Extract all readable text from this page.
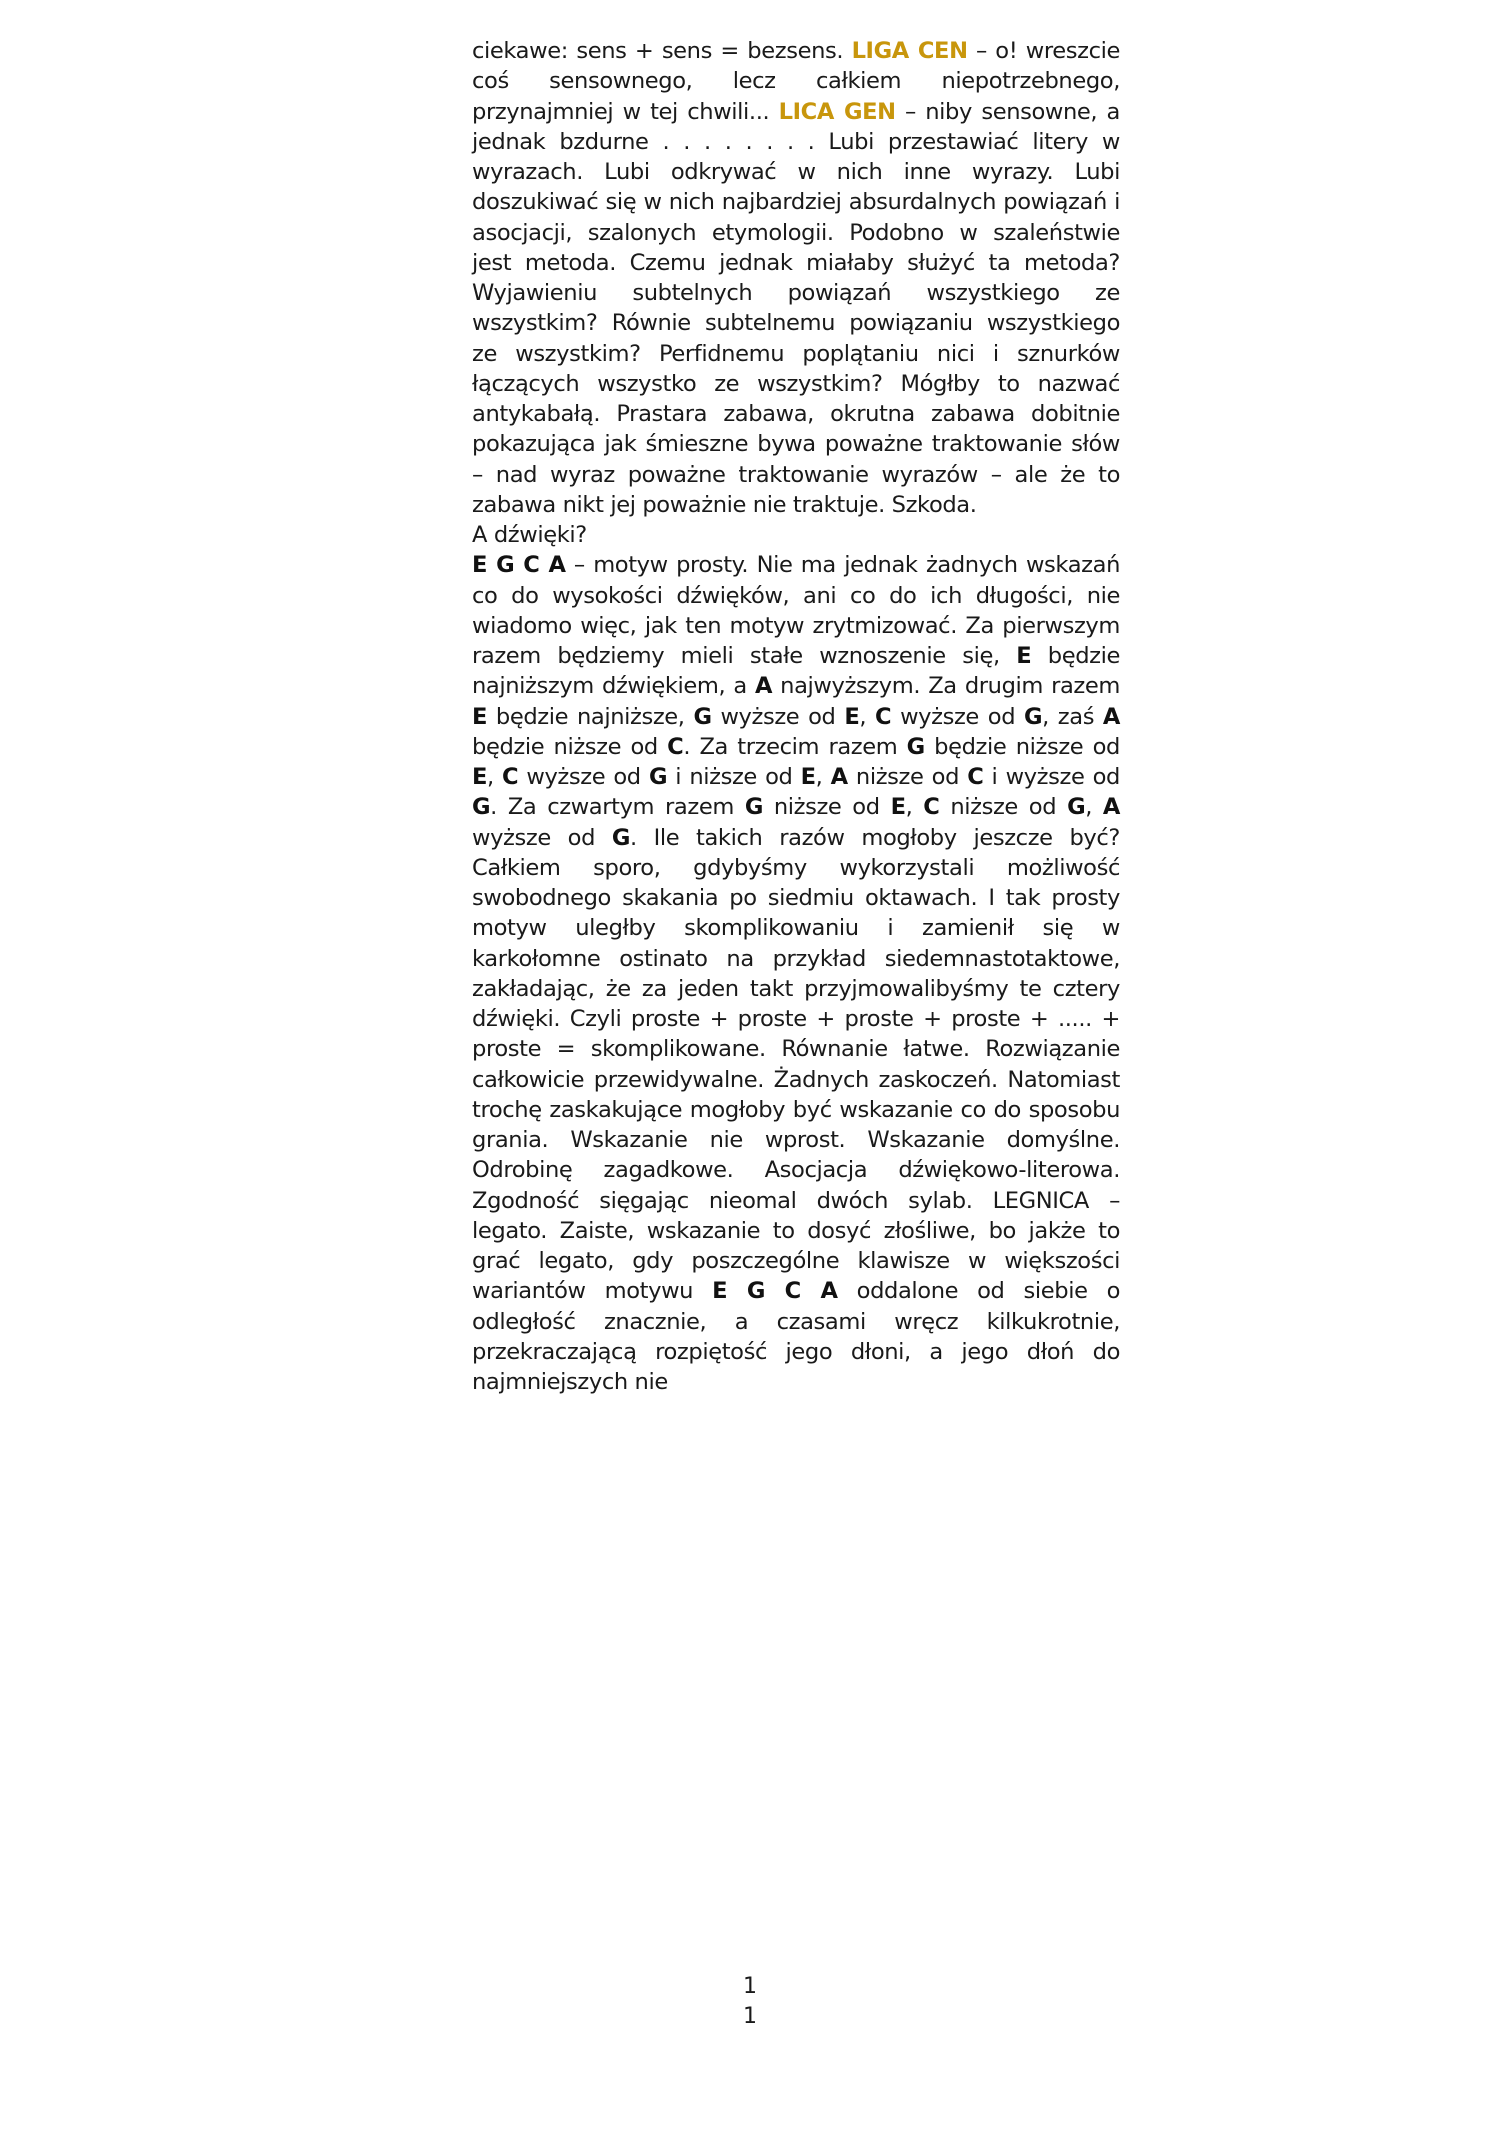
ciekawe: sens + sens = bezsens. LIGA CEN – o! wreszcie coś sensownego, lecz całkiem niepotrzebnego, przynajmniej w tej chwili... LICA GEN – niby sensowne, a jednak bzdurne . . . . . . . . Lubi przestawiać litery w wyrazach. Lubi odkrywać w nich inne wyrazy. Lubi doszukiwać się w nich najbardziej absurdalnych powiązań i asocjacji, szalonych etymologii. Podobno w szaleństwie jest metoda. Czemu jednak miałaby służyć ta metoda? Wyjawieniu subtelnych powiązań wszystkiego ze wszystkim? Równie subtelnemu powiązaniu wszystkiego ze wszystkim? Perfidnemu poplątaniu nici i sznurków łączących wszystko ze wszystkim? Mógłby to nazwać antykabałą. Prastara zabawa, okrutna zabawa dobitnie pokazująca jak śmieszne bywa poważne traktowanie słów – nad wyraz poważne traktowanie wyrazów – ale że to zabawa nikt jej poważnie nie traktuje. Szkoda.

A dźwięki?

E G C A – motyw prosty. Nie ma jednak żadnych wskazań co do wysokości dźwięków, ani co do ich długości, nie wiadomo więc, jak ten motyw zrytmizować. Za pierwszym razem będziemy mieli stałe wznoszenie się, E będzie najniższym dźwiękiem, a A najwyższym. Za drugim razem E będzie najniższe, G wyższe od E, C wyższe od G, zaś A będzie niższe od C. Za trzecim razem G będzie niższe od E, C wyższe od G i niższe od E, A niższe od C i wyższe od G. Za czwartym razem G niższe od E, C niższe od G, A wyższe od G. Ile takich razów mogłoby jeszcze być? Całkiem sporo, gdybyśmy wykorzystali możliwość swobodnego skakania po siedmiu oktawach. I tak prosty motyw uległby skomplikowaniu i zamienił się w karkołomne ostinato na przykład siedemnastotaktowe, zakładając, że za jeden takt przyjmowalibyśmy te cztery dźwięki. Czyli proste + proste + proste + proste + ..... + proste = skomplikowane. Równanie łatwe. Rozwiązanie całkowicie przewidywalne. Żadnych zaskoczeń. Natomiast trochę zaskakujące mogłoby być wskazanie co do sposobu grania. Wskazanie nie wprost. Wskazanie domyślne. Odrobinę zagadkowe. Asocjacja dźwiękowo-literowa. Zgodność sięgając nieomal dwóch sylab. LEGNICA – legato. Zaiste, wskazanie to dosyć złośliwe, bo jakże to grać legato, gdy poszczególne klawisze w większości wariantów motywu E G C A oddalone od siebie o odległość znacznie, a czasami wręcz kilkukrotnie, przekraczającą rozpiętość jego dłoni, a jego dłoń do najmniejszych nie

1
1
